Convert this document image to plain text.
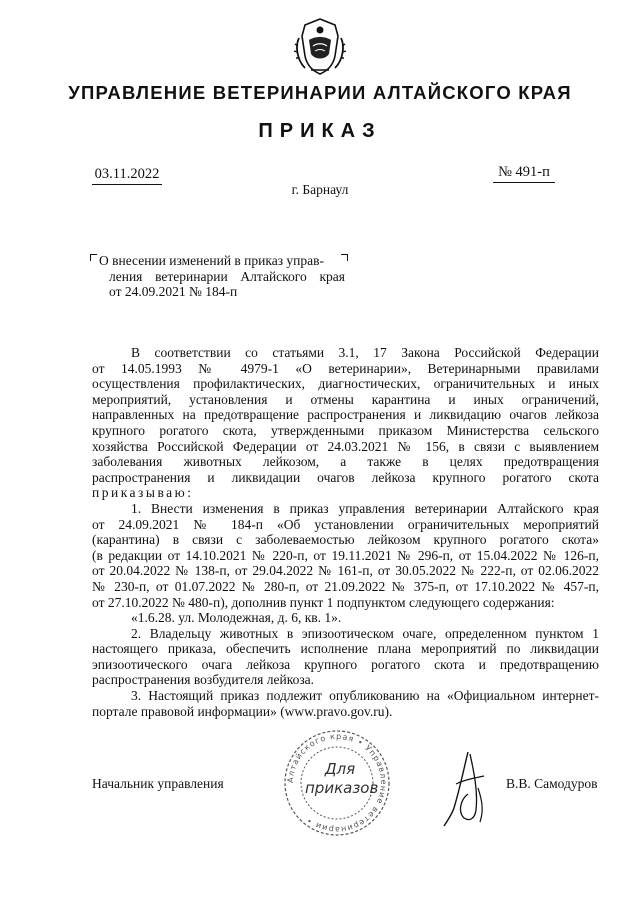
УПРАВЛЕНИЕ ВЕТЕРИНАРИИ АЛТАЙСКОГО КРАЯ
ПРИКАЗ
03.11.2022	№ 491-п
г. Барнаул
О внесении изменений в приказ управ-
ления ветеринарии Алтайского края
от 24.09.2021 № 184-п
В соответствии со статьями 3.1, 17 Закона Российской Федерации
от 14.05.1993 № 4979-1 «О ветеринарии», Ветеринарными правилами
осуществления профилактических, диагностических, ограничительных и иных
мероприятий, установления и отмены карантина и иных ограничений,
направленных на предотвращение распространения и ликвидацию очагов лейкоза
крупного рогатого скота, утвержденными приказом Министерства сельского
хозяйства Российской Федерации от 24.03.2021 № 156, в связи с выявлением
заболевания животных лейкозом, а также в целях предотвращения
распространения и ликвидации очагов лейкоза крупного рогатого скота
приказываю:
1. Внести изменения в приказ управления ветеринарии Алтайского края
от 24.09.2021 № 184-п «Об установлении ограничительных мероприятий
(карантина) в связи с заболеваемостью лейкозом крупного рогатого скота»
(в редакции от 14.10.2021 № 220-п, от 19.11.2021 № 296-п, от 15.04.2022 № 126-п,
от 20.04.2022 № 138-п, от 29.04.2022 № 161-п, от 30.05.2022 № 222-п, от 02.06.2022
№ 230-п, от 01.07.2022 № 280-п, от 21.09.2022 № 375-п, от 17.10.2022 № 457-п,
от 27.10.2022 № 480-п), дополнив пункт 1 подпунктом следующего содержания:
«1.6.28. ул. Молодежная, д. 6, кв. 1».
2. Владельцу животных в эпизоотическом очаге, определенном пунктом 1
настоящего приказа, обеспечить исполнение плана мероприятий по ликвидации
эпизоотического очага лейкоза крупного рогатого скота и предотвращению
распространения возбудителя лейкоза.
3. Настоящий приказ подлежит опубликованию на «Официальном интернет-
портале правовой информации» (www.pravo.gov.ru).
Алтайского края • Управление ветеринарии •
Для
приказов
Начальник управления	В.В. Самодуров
